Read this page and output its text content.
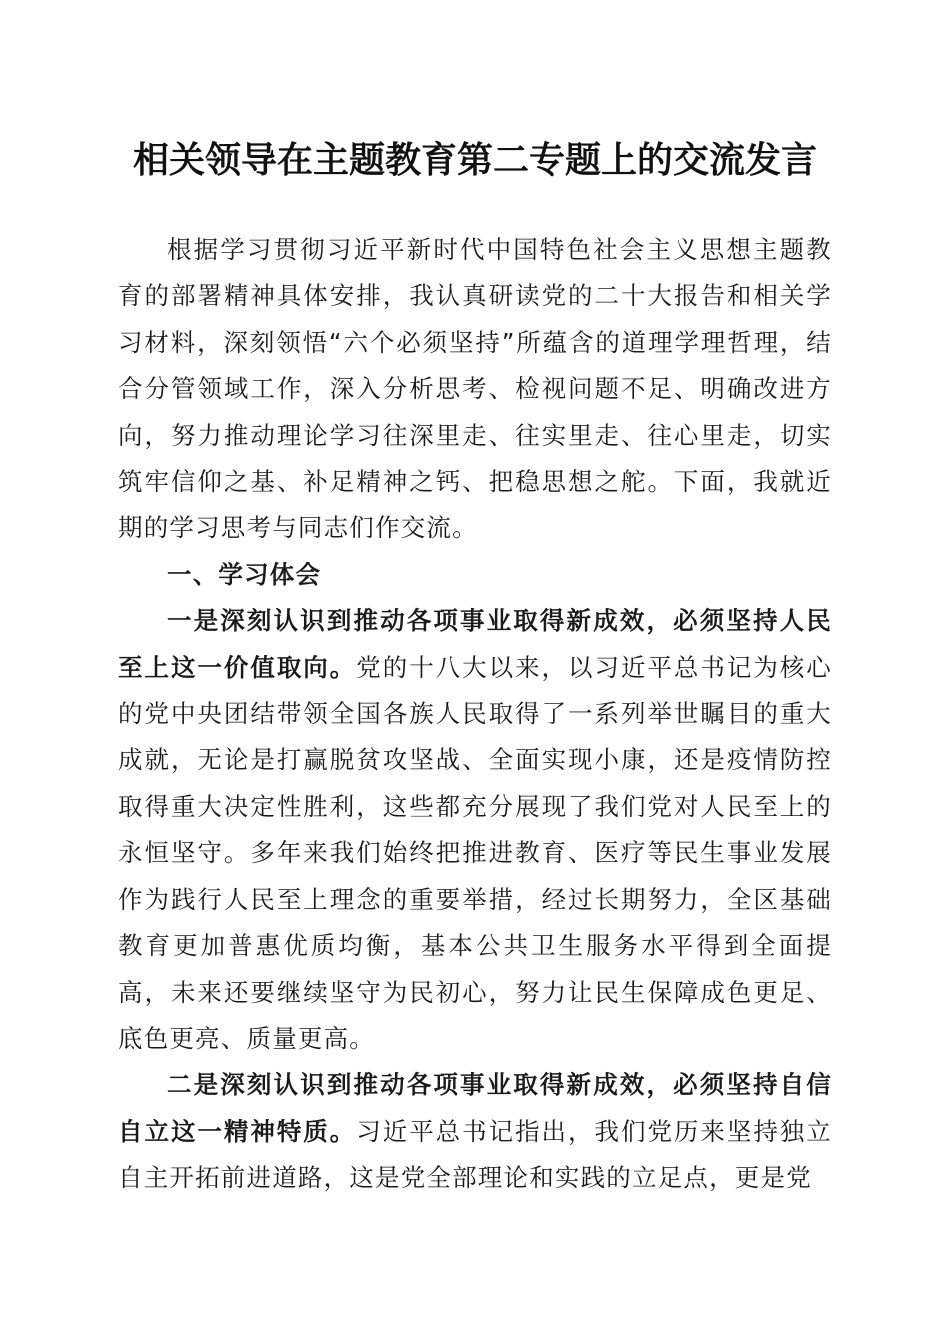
相关领导在主题教育第二专题上的交流发言

根据学习贯彻习近平新时代中国特色社会主义思想主题教育的部署精神具体安排，我认真研读党的二十大报告和相关学习材料，深刻领悟“六个必须坚持”所蕴含的道理学理哲理，结合分管领域工作，深入分析思考、检视问题不足、明确改进方向，努力推动理论学习往深里走、往实里走、往心里走，切实筑牢信仰之基、补足精神之钙、把稳思想之舵。下面，我就近期的学习思考与同志们作交流。

一、学习体会

一是深刻认识到推动各项事业取得新成效，必须坚持人民至上这一价值取向。党的十八大以来，以习近平总书记为核心的党中央团结带领全国各族人民取得了一系列举世瞩目的重大成就，无论是打赢脱贫攻坚战、全面实现小康，还是疫情防控取得重大决定性胜利，这些都充分展现了我们党对人民至上的永恒坚守。多年来我们始终把推进教育、医疗等民生事业发展作为践行人民至上理念的重要举措，经过长期努力，全区基础教育更加普惠优质均衡，基本公共卫生服务水平得到全面提高，未来还要继续坚守为民初心，努力让民生保障成色更足、底色更亮、质量更高。

二是深刻认识到推动各项事业取得新成效，必须坚持自信自立这一精神特质。习近平总书记指出，我们党历来坚持独立自主开拓前进道路，这是党全部理论和实践的立足点，更是党
